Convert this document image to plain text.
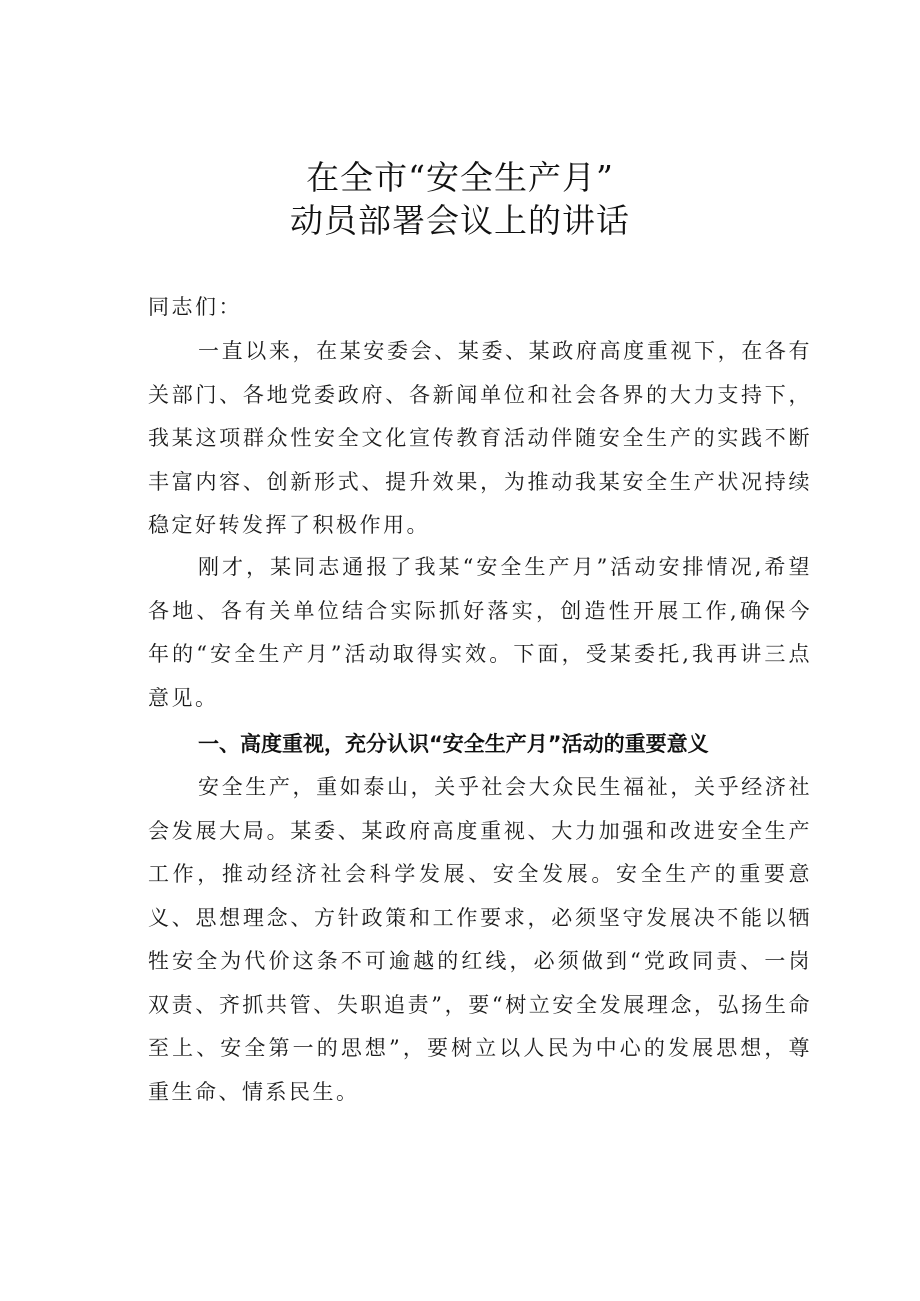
在全市“安全生产月”
动员部署会议上的讲话
同志们：
一直以来，在某安委会、某委、某政府高度重视下，在各有关部门、各地党委政府、各新闻单位和社会各界的大力支持下，我某这项群众性安全文化宣传教育活动伴随安全生产的实践不断丰富内容、创新形式、提升效果，为推动我某安全生产状况持续稳定好转发挥了积极作用。
刚才，某同志通报了我某“安全生产月”活动安排情况,希望各地、各有关单位结合实际抓好落实，创造性开展工作,确保今年的“安全生产月”活动取得实效。下面，受某委托,我再讲三点意见。
一、高度重视，充分认识“安全生产月”活动的重要意义
安全生产，重如泰山，关乎社会大众民生福祉，关乎经济社会发展大局。某委、某政府高度重视、大力加强和改进安全生产工作，推动经济社会科学发展、安全发展。安全生产的重要意义、思想理念、方针政策和工作要求，必须坚守发展决不能以牺牲安全为代价这条不可逾越的红线，必须做到“党政同责、一岗双责、齐抓共管、失职追责”，要“树立安全发展理念，弘扬生命至上、安全第一的思想”，要树立以人民为中心的发展思想，尊重生命、情系民生。
